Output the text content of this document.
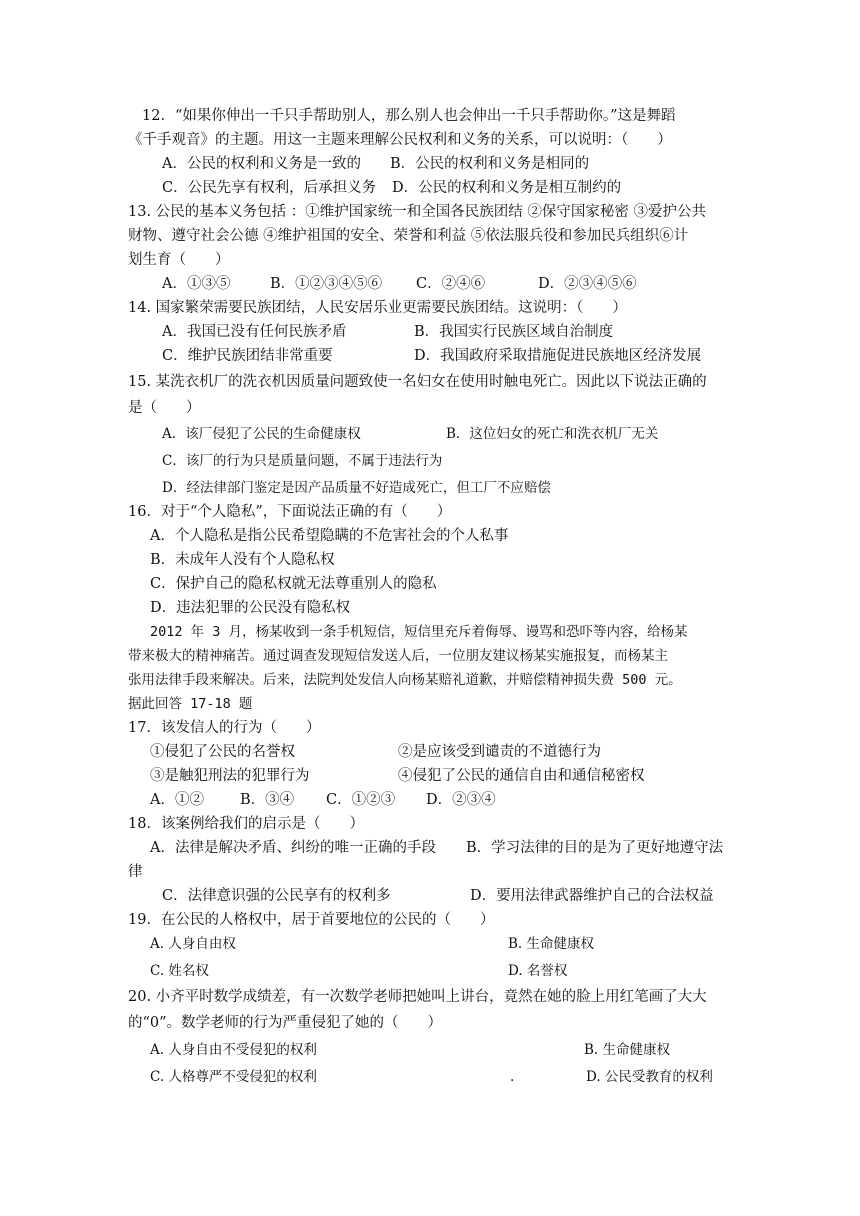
12．“如果你伸出一千只手帮助别人，那么别人也会伸出一千只手帮助你。”这是舞蹈
《千手观音》的主题。用这一主题来理解公民权利和义务的关系，可以说明：（　　）
A．公民的权利和义务是一致的 B．公民的权利和义务是相同的
C．公民先享有权利，后承担义务 D．公民的权利和义务是相互制约的
13. 公民的基本义务包括 ：①维护国家统一和全国各民族团结 ②保守国家秘密 ③爱护公共
财物、遵守社会公德 ④维护祖国的安全、荣誉和利益 ⑤依法服兵役和参加民兵组织⑥计
划生育（　　）
A．①③⑤	B．①②③④⑤⑥ C．②④⑥	D．②③④⑤⑥
14. 国家繁荣需要民族团结，人民安居乐业更需要民族团结。这说明：（　　）
A．我国已没有任何民族矛盾	B．我国实行民族区域自治制度
C．维护民族团结非常重要	D．我国政府采取措施促进民族地区经济发展
15. 某洗衣机厂的洗衣机因质量问题致使一名妇女在使用时触电死亡。因此以下说法正确的
是（　　）
A．该厂侵犯了公民的生命健康权	B．这位妇女的死亡和洗衣机厂无关
C．该厂的行为只是质量问题，不属于违法行为
D．经法律部门鉴定是因产品质量不好造成死亡，但工厂不应赔偿
16．对于“个人隐私”，下面说法正确的有（　　）
A．个人隐私是指公民希望隐瞒的不危害社会的个人私事
B．未成年人没有个人隐私权
C．保护自己的隐私权就无法尊重别人的隐私
D．违法犯罪的公民没有隐私权
2012 年 3 月，杨某收到一条手机短信，短信里充斥着侮辱、谩骂和恐吓等内容，给杨某
带来极大的精神痛苦。通过调查发现短信发送人后，一位朋友建议杨某实施报复，而杨某主
张用法律手段来解决。后来，法院判处发信人向杨某赔礼道歉，并赔偿精神损失费 500 元。
据此回答 17-18 题
17．该发信人的行为（　　）
①侵犯了公民的名誉权	②是应该受到谴责的不道德行为
③是触犯刑法的犯罪行为	④侵犯了公民的通信自由和通信秘密权
A．①② B．③④ C．①②③ D．②③④
18．该案例给我们的启示是（　　）
A．法律是解决矛盾、纠纷的唯一正确的手段 B．学习法律的目的是为了更好地遵守法
律
C．法律意识强的公民享有的权利多	D．要用法律武器维护自己的合法权益
19．在公民的人格权中，居于首要地位的公民的（　　）
A. 人身自由权	B. 生命健康权
C. 姓名权	D. 名誉权
20. 小齐平时数学成绩差，有一次数学老师把她叫上讲台，竟然在她的脸上用红笔画了大大
的“0”。数学老师的行为严重侵犯了她的（　　）
A. 人身自由不受侵犯的权利	B. 生命健康权
C. 人格尊严不受侵犯的权利	.	D. 公民受教育的权利
